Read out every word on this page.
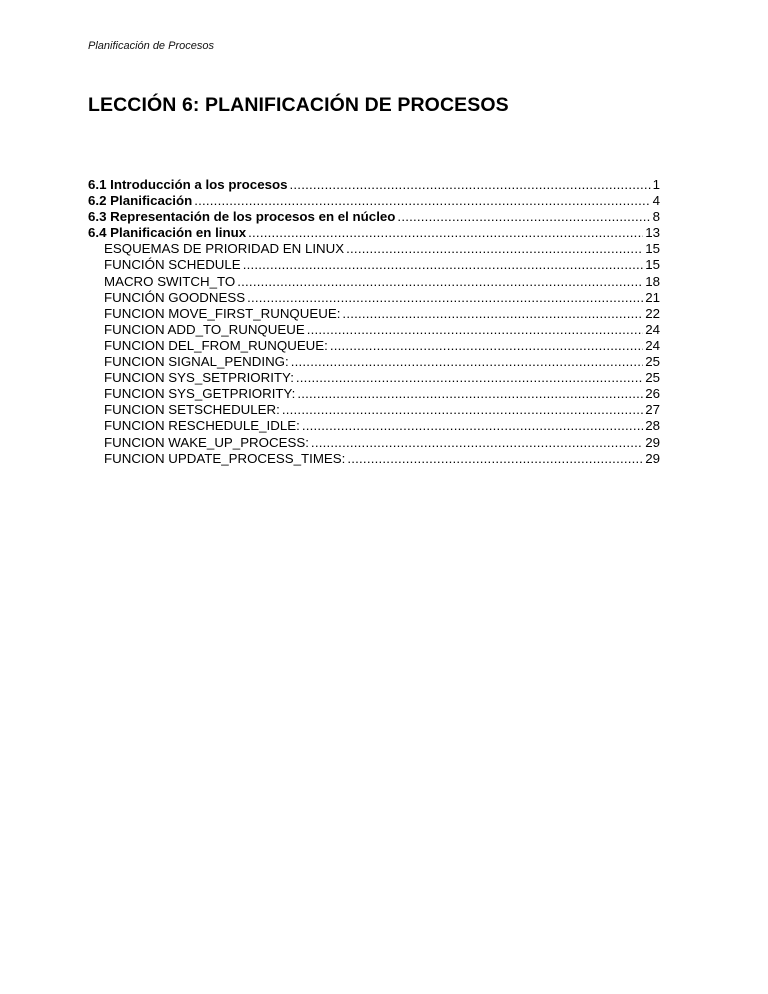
Planificación de Procesos
LECCIÓN 6: PLANIFICACIÓN DE PROCESOS
6.1 Introducción a los procesos .....	1
6.2 Planificación .....	4
6.3 Representación de los procesos en el núcleo .....	8
6.4 Planificación en linux .....	13
ESQUEMAS DE PRIORIDAD EN LINUX .....	15
FUNCIÓN SCHEDULE .....	15
MACRO SWITCH_TO .....	18
FUNCIÓN GOODNESS .....	21
FUNCION MOVE_FIRST_RUNQUEUE: .....	22
FUNCION ADD_TO_RUNQUEUE .....	24
FUNCION DEL_FROM_RUNQUEUE: .....	24
FUNCION SIGNAL_PENDING: .....	25
FUNCION SYS_SETPRIORITY: .....	25
FUNCION SYS_GETPRIORITY: .....	26
FUNCION SETSCHEDULER: .....	27
FUNCION RESCHEDULE_IDLE: .....	28
FUNCION WAKE_UP_PROCESS: .....	29
FUNCION UPDATE_PROCESS_TIMES: .....	29
